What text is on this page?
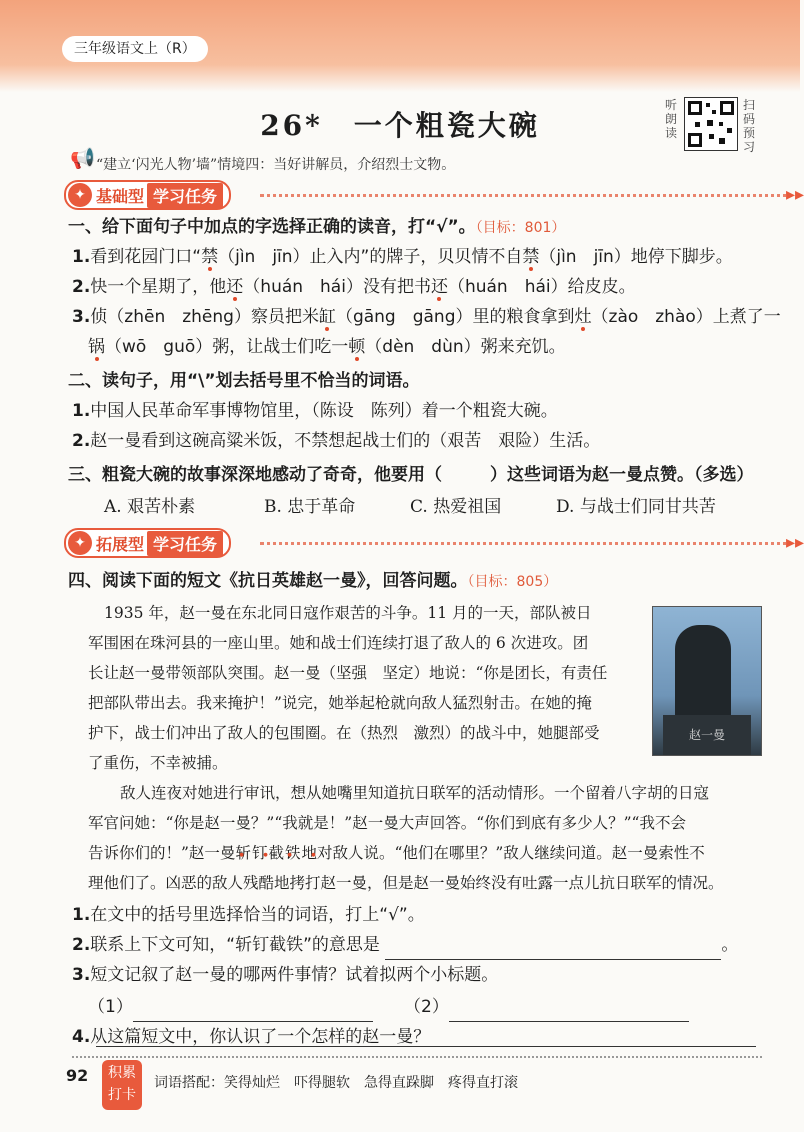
三年级语文上（R）
26*　一个粗瓷大碗
听朗读
扫码预习
📢 “建立‘闪光人物’墙”情境四：当好讲解员，介绍烈士文物。
✦ 基础型 学习任务	▸▸
一、给下面句子中加点的字选择正确的读音，打“√”。（目标：801）
1.看到花园门口“禁（jìn　jīn）止入内”的牌子，贝贝情不自禁（jìn　jīn）地停下脚步。
2.快一个星期了，他还（huán　hái）没有把书还（huán　hái）给皮皮。
3.侦（zhēn　zhēng）察员把米缸（gāng　gāng）里的粮食拿到灶（zào　zhào）上煮了一
锅（wō　guō）粥，让战士们吃一顿（dèn　dùn）粥来充饥。
二、读句子，用“\”划去括号里不恰当的词语。
1.中国人民革命军事博物馆里，（陈设　陈列）着一个粗瓷大碗。
2.赵一曼看到这碗高粱米饭，不禁想起战士们的（艰苦　艰险）生活。
三、粗瓷大碗的故事深深地感动了奇奇，他要用（	）这些词语为赵一曼点赞。（多选）
A. 艰苦朴素	B. 忠于革命	C. 热爱祖国	D. 与战士们同甘共苦
✦ 拓展型 学习任务	▸▸
四、阅读下面的短文《抗日英雄赵一曼》，回答问题。（目标：805）
1935 年，赵一曼在东北同日寇作艰苦的斗争。11 月的一天，部队被日
军围困在珠河县的一座山里。她和战士们连续打退了敌人的 6 次进攻。团
长让赵一曼带领部队突围。赵一曼（坚强　坚定）地说：“你是团长，有责任
把部队带出去。我来掩护！”说完，她举起枪就向敌人猛烈射击。在她的掩
护下，战士们冲出了敌人的包围圈。在（热烈　激烈）的战斗中，她腿部受
了重伤，不幸被捕。
赵一曼
敌人连夜对她进行审讯，想从她嘴里知道抗日联军的活动情形。一个留着八字胡的日寇
军官问她：“你是赵一曼？”“我就是！”赵一曼大声回答。“你们到底有多少人？”“我不会
告诉你们的！”赵一曼斩钉截铁 ● ● ● ●地对敌人说。“他们在哪里？”敌人继续问道。赵一曼索性不
理他们了。凶恶的敌人残酷地拷打赵一曼，但是赵一曼始终没有吐露一点儿抗日联军的情况。
1.在文中的括号里选择恰当的词语，打上“√”。
2.联系上下文可知，“斩钉截铁”的意思是	。
3.短文记叙了赵一曼的哪两件事情？试着拟两个小标题。
（1）	（2）
4.从这篇短文中，你认识了一个怎样的赵一曼？
92	积累打卡
词语搭配：笑得灿烂　吓得腿软　急得直跺脚　疼得直打滚
